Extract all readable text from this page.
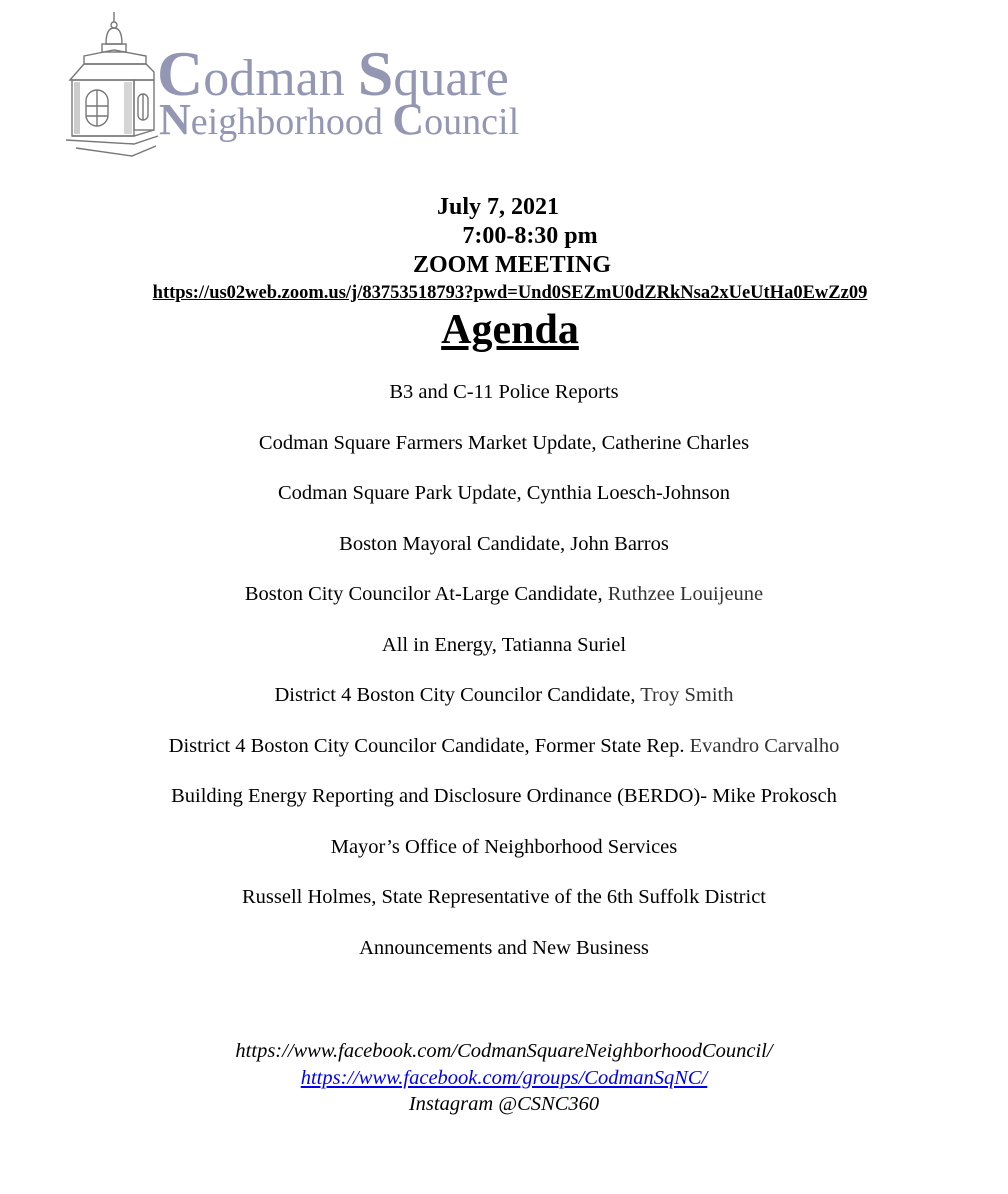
Codman Square
Neighborhood Council
July 7, 2021
7:00-8:30 pm
ZOOM MEETING
https://us02web.zoom.us/j/83753518793?pwd=Und0SEZmU0dZRkNsa2xUeUtHa0EwZz09
Agenda
B3 and C-11 Police Reports
Codman Square Farmers Market Update, Catherine Charles
Codman Square Park Update, Cynthia Loesch-Johnson
Boston Mayoral Candidate, John Barros
Boston City Councilor At-Large Candidate, Ruthzee Louijeune
All in Energy, Tatianna Suriel
District 4 Boston City Councilor Candidate, Troy Smith
District 4 Boston City Councilor Candidate, Former State Rep. Evandro Carvalho
Building Energy Reporting and Disclosure Ordinance (BERDO)- Mike Prokosch
Mayor’s Office of Neighborhood Services
Russell Holmes, State Representative of the 6th Suffolk District
Announcements and New Business
https://www.facebook.com/CodmanSquareNeighborhoodCouncil/
https://www.facebook.com/groups/CodmanSqNC/
Instagram @CSNC360
